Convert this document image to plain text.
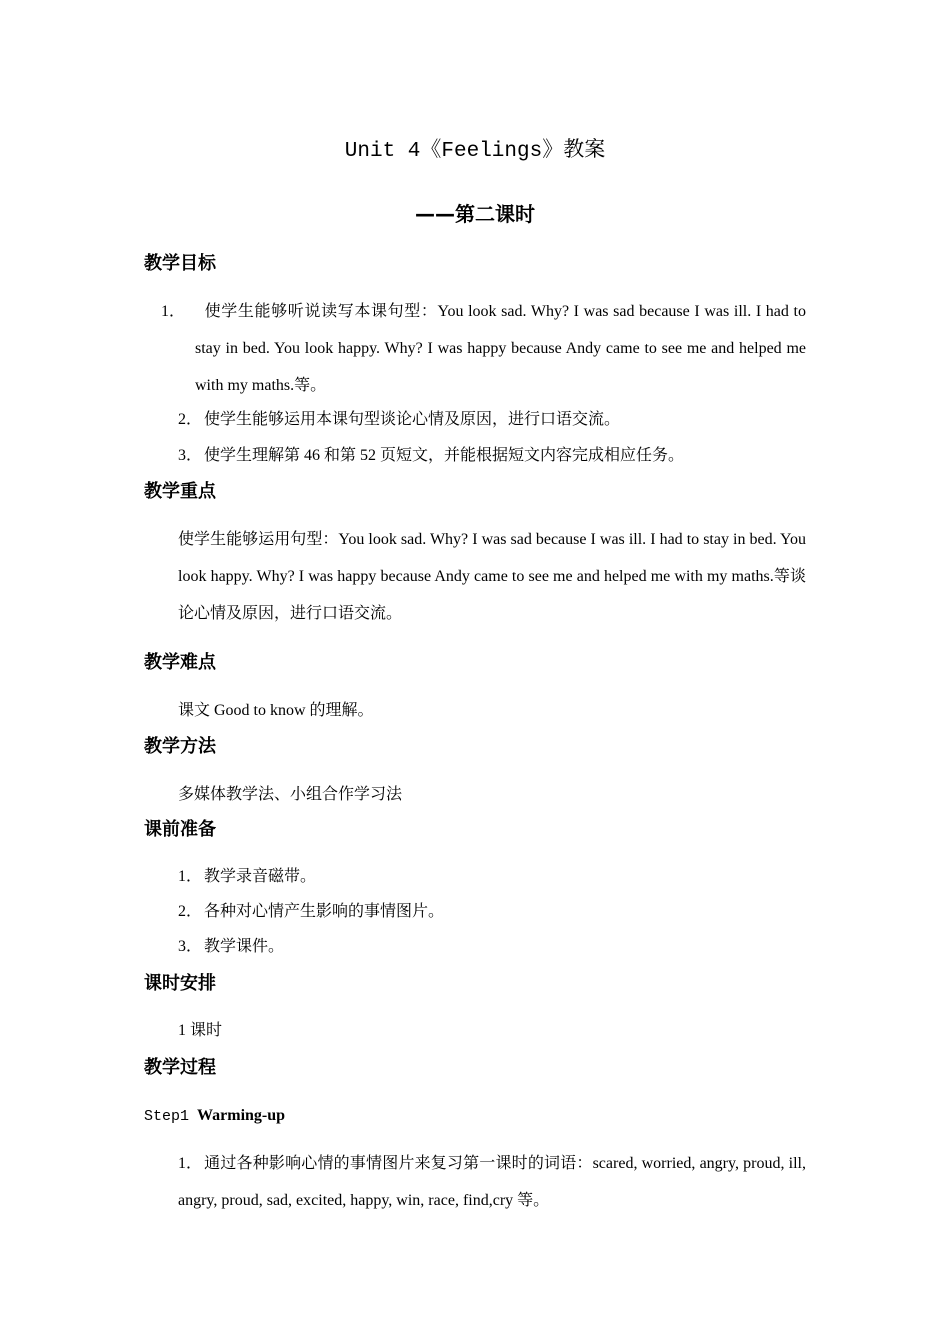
Unit 4《Feelings》教案
——第二课时
教学目标
1． 使学生能够听说读写本课句型：You look sad. Why? I was sad because I was ill. I had to stay in bed. You look happy. Why? I was happy because Andy came to see me and helped me with my maths.等。
2． 使学生能够运用本课句型谈论心情及原因，进行口语交流。
3． 使学生理解第 46 和第 52 页短文，并能根据短文内容完成相应任务。
教学重点
使学生能够运用句型：You look sad. Why? I was sad because I was ill. I had to stay in bed. You look happy. Why? I was happy because Andy came to see me and helped me with my maths.等谈论心情及原因，进行口语交流。
教学难点
课文 Good to know 的理解。
教学方法
多媒体教学法、小组合作学习法
课前准备
1． 教学录音磁带。
2． 各种对心情产生影响的事情图片。
3． 教学课件。
课时安排
1 课时
教学过程
Step1 Warming-up
1． 通过各种影响心情的事情图片来复习第一课时的词语：scared, worried, angry, proud, ill, angry, proud, sad, excited, happy, win, race, find,cry 等。
